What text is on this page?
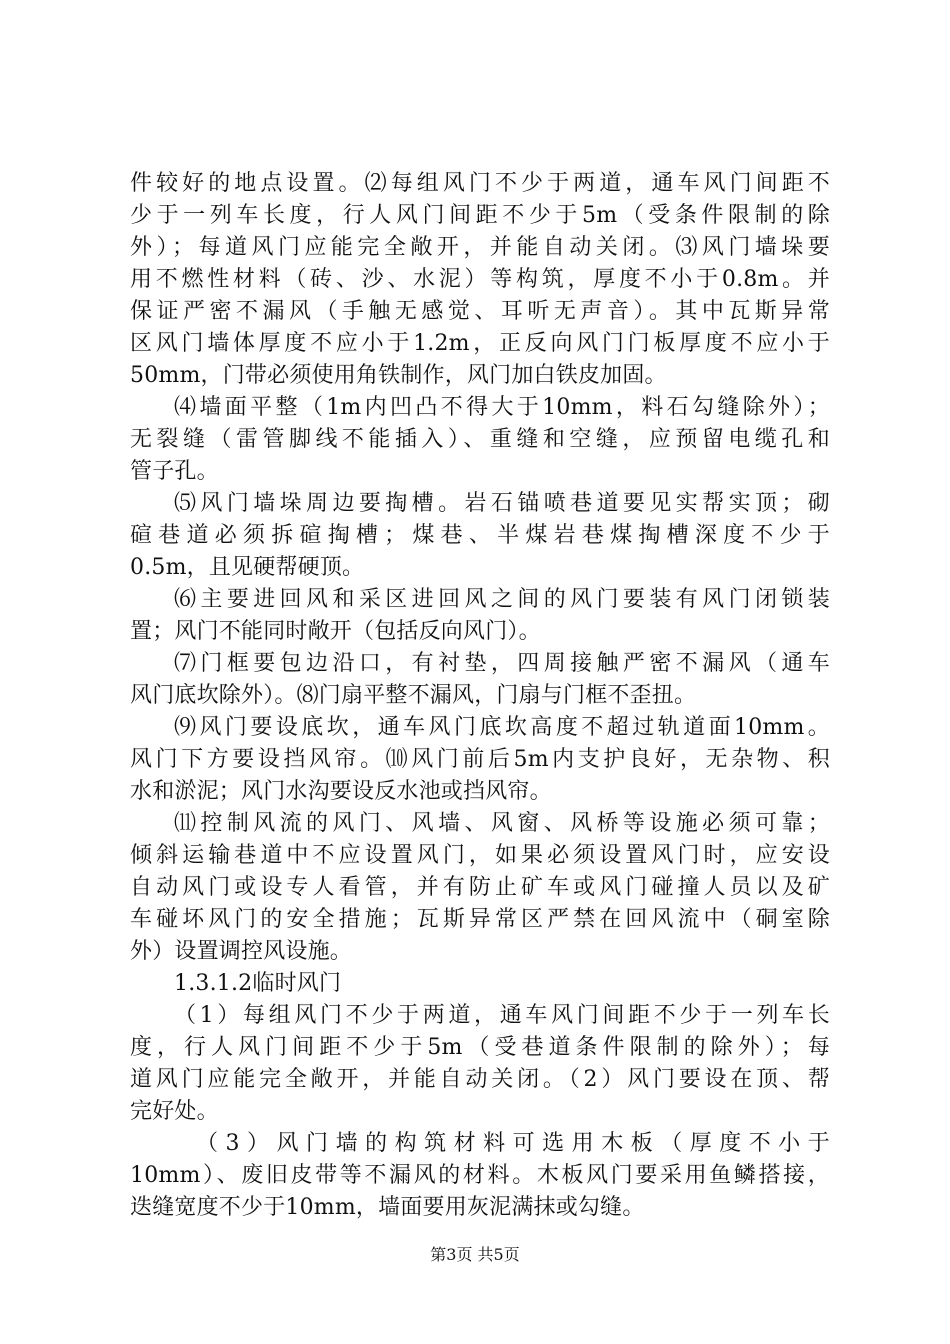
件较好的地点设置。⑵每组风门不少于两道，通车风门间距不
少于一列车长度，行人风门间距不少于5m（受条件限制的除
外）；每道风门应能完全敞开，并能自动关闭。⑶风门墙垛要
用不燃性材料（砖、沙、水泥）等构筑，厚度不小于0.8m。并
保证严密不漏风（手触无感觉、耳听无声音）。其中瓦斯异常
区风门墙体厚度不应小于1.2m，正反向风门门板厚度不应小于
50mm，门带必须使用角铁制作，风门加白铁皮加固。
⑷墙面平整（1m内凹凸不得大于10mm，料石勾缝除外）；
无裂缝（雷管脚线不能插入）、重缝和空缝，应预留电缆孔和
管子孔。
⑸风门墙垛周边要掏槽。岩石锚喷巷道要见实帮实顶；砌
碹巷道必须拆碹掏槽；煤巷、半煤岩巷煤掏槽深度不少于
0.5m，且见硬帮硬顶。
⑹主要进回风和采区进回风之间的风门要装有风门闭锁装
置；风门不能同时敞开（包括反向风门）。
⑺门框要包边沿口，有衬垫，四周接触严密不漏风（通车
风门底坎除外）。⑻门扇平整不漏风，门扇与门框不歪扭。
⑼风门要设底坎，通车风门底坎高度不超过轨道面10mm。
风门下方要设挡风帘。⑽风门前后5m内支护良好，无杂物、积
水和淤泥；风门水沟要设反水池或挡风帘。
⑾控制风流的风门、风墙、风窗、风桥等设施必须可靠；
倾斜运输巷道中不应设置风门，如果必须设置风门时，应安设
自动风门或设专人看管，并有防止矿车或风门碰撞人员以及矿
车碰坏风门的安全措施；瓦斯异常区严禁在回风流中（硐室除
外）设置调控风设施。
1.3.1.2临时风门
（1）每组风门不少于两道，通车风门间距不少于一列车长
度，行人风门间距不少于5m（受巷道条件限制的除外）；每
道风门应能完全敞开，并能自动关闭。（2）风门要设在顶、帮
完好处。
（3）风门墙的构筑材料可选用木板（厚度不小于
10mm）、废旧皮带等不漏风的材料。木板风门要采用鱼鳞搭接，
迭缝宽度不少于10mm，墙面要用灰泥满抹或勾缝。
第3页 共5页
